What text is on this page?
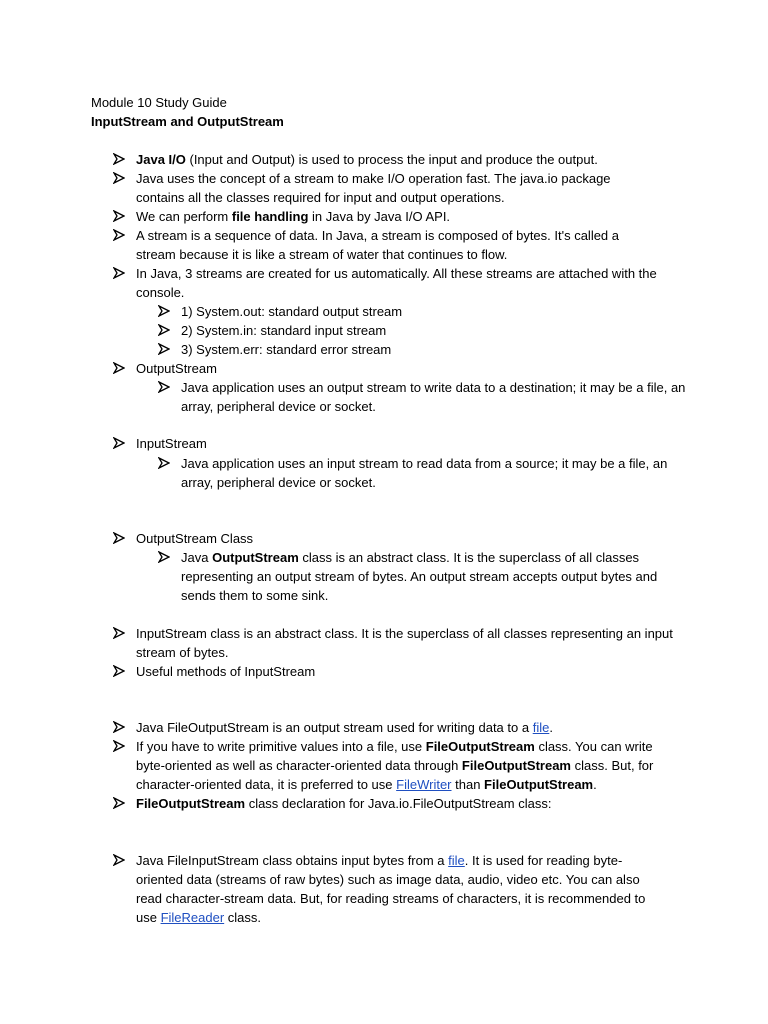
Module 10 Study Guide
InputStream and OutputStream
Java I/O (Input and Output) is used to process the input and produce the output.
Java uses the concept of a stream to make I/O operation fast. The java.io package contains all the classes required for input and output operations.
We can perform file handling in Java by Java I/O API.
A stream is a sequence of data. In Java, a stream is composed of bytes. It's called a stream because it is like a stream of water that continues to flow.
In Java, 3 streams are created for us automatically. All these streams are attached with the console.
1) System.out: standard output stream
2) System.in: standard input stream
3) System.err: standard error stream
OutputStream
Java application uses an output stream to write data to a destination; it may be a file, an array, peripheral device or socket.
InputStream
Java application uses an input stream to read data from a source; it may be a file, an array, peripheral device or socket.
OutputStream Class
Java OutputStream class is an abstract class. It is the superclass of all classes representing an output stream of bytes. An output stream accepts output bytes and sends them to some sink.
InputStream class is an abstract class. It is the superclass of all classes representing an input stream of bytes.
Useful methods of InputStream
Java FileOutputStream is an output stream used for writing data to a file.
If you have to write primitive values into a file, use FileOutputStream class. You can write byte-oriented as well as character-oriented data through FileOutputStream class. But, for character-oriented data, it is preferred to use FileWriter than FileOutputStream.
FileOutputStream class declaration for Java.io.FileOutputStream class:
Java FileInputStream class obtains input bytes from a file. It is used for reading byte-oriented data (streams of raw bytes) such as image data, audio, video etc. You can also read character-stream data. But, for reading streams of characters, it is recommended to use FileReader class.
